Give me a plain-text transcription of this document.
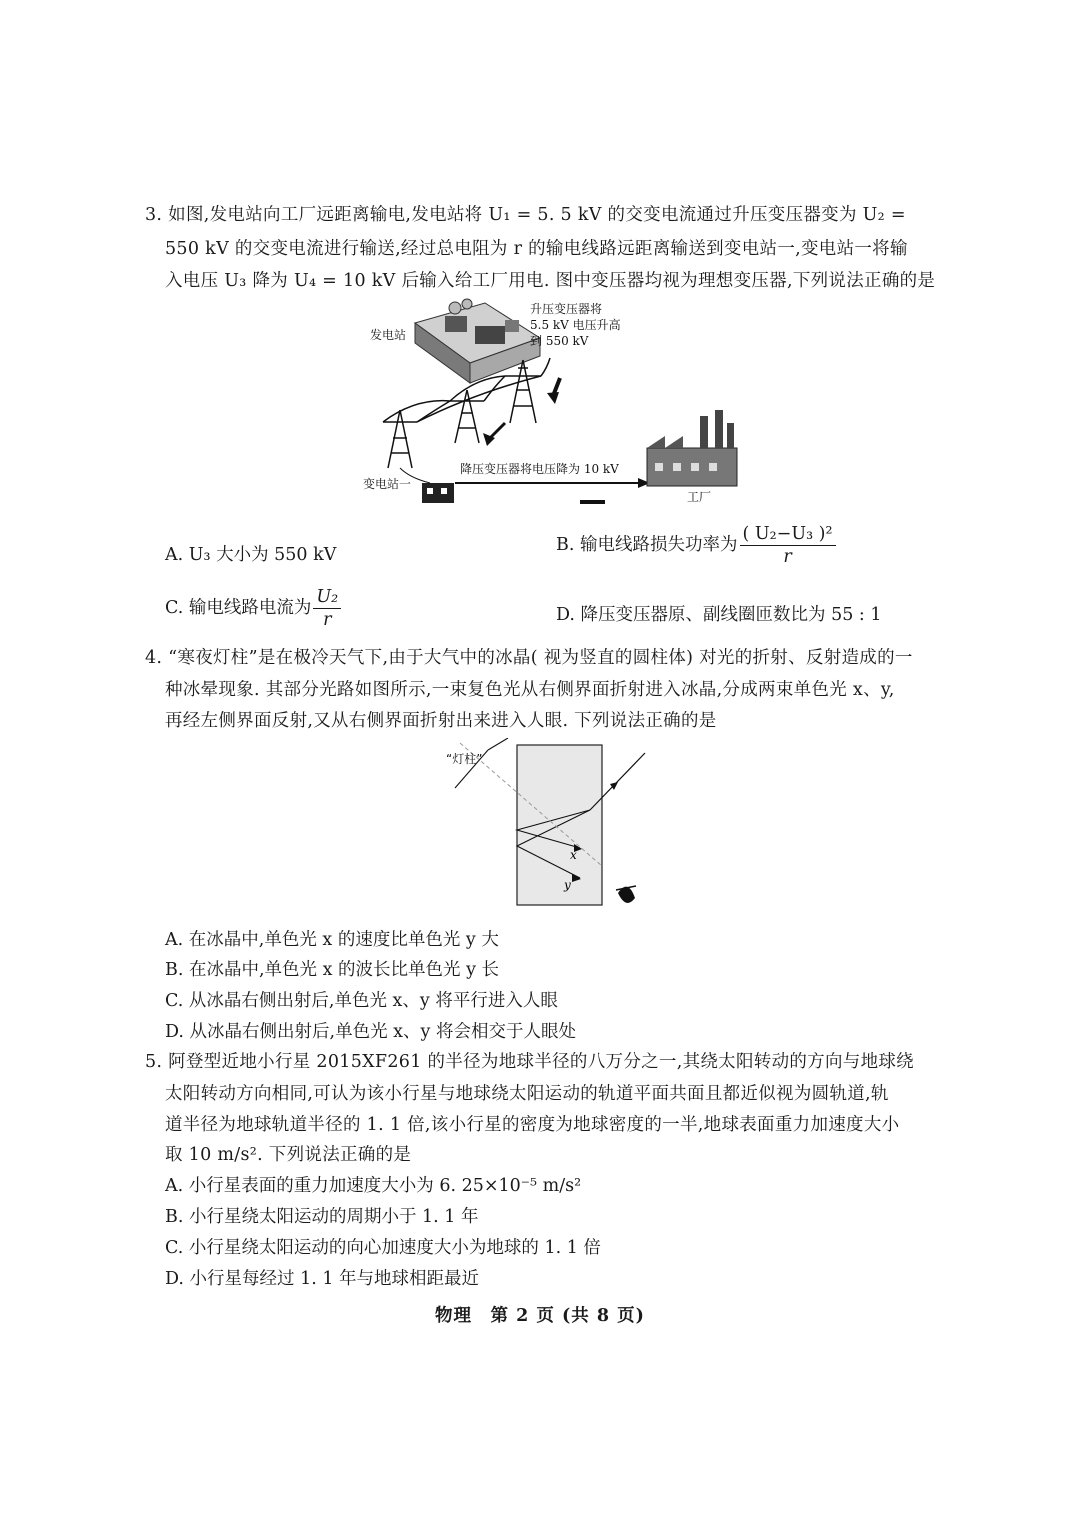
3. 如图,发电站向工厂远距离输电,发电站将 U₁ = 5. 5 kV 的交变电流通过升压变压器变为 U₂ =
550 kV 的交变电流进行输送,经过总电阻为 r 的输电线路远距离输送到变电站一,变电站一将输
入电压 U₃ 降为 U₄ = 10 kV 后输入给工厂用电. 图中变压器均视为理想变压器,下列说法正确的是
发电站
升压变压器将
5.5 kV 电压升高
到 550 kV
变电站一
降压变压器将电压降为 10 kV
工厂
A. U₃ 大小为 550 kV	B. 输电线路损失功率为 $\frac{\text{( U₂−U₃ )²}}{r}$
C. 输电线路电流为 $\frac{\text{U₂}}{r}$	D. 降压变压器原、副线圈匝数比为 55 : 1
4. “寒夜灯柱”是在极冷天气下,由于大气中的冰晶( 视为竖直的圆柱体) 对光的折射、反射造成的一
种冰晕现象. 其部分光路如图所示,一束复色光从右侧界面折射进入冰晶,分成两束单色光 x、y,
再经左侧界面反射,又从右侧界面折射出来进入人眼. 下列说法正确的是
x
y
“灯柱”
A. 在冰晶中,单色光 x 的速度比单色光 y 大
B. 在冰晶中,单色光 x 的波长比单色光 y 长
C. 从冰晶右侧出射后,单色光 x、y 将平行进入人眼
D. 从冰晶右侧出射后,单色光 x、y 将会相交于人眼处
5. 阿登型近地小行星 2015XF261 的半径为地球半径的八万分之一,其绕太阳转动的方向与地球绕
太阳转动方向相同,可认为该小行星与地球绕太阳运动的轨道平面共面且都近似视为圆轨道,轨
道半径为地球轨道半径的 1. 1 倍,该小行星的密度为地球密度的一半,地球表面重力加速度大小
取 10 m/s². 下列说法正确的是
A. 小行星表面的重力加速度大小为 6. 25×10⁻⁵ m/s²
B. 小行星绕太阳运动的周期小于 1. 1 年
C. 小行星绕太阳运动的向心加速度大小为地球的 1. 1 倍
D. 小行星每经过 1. 1 年与地球相距最近
物理　第 2 页 (共 8 页)
